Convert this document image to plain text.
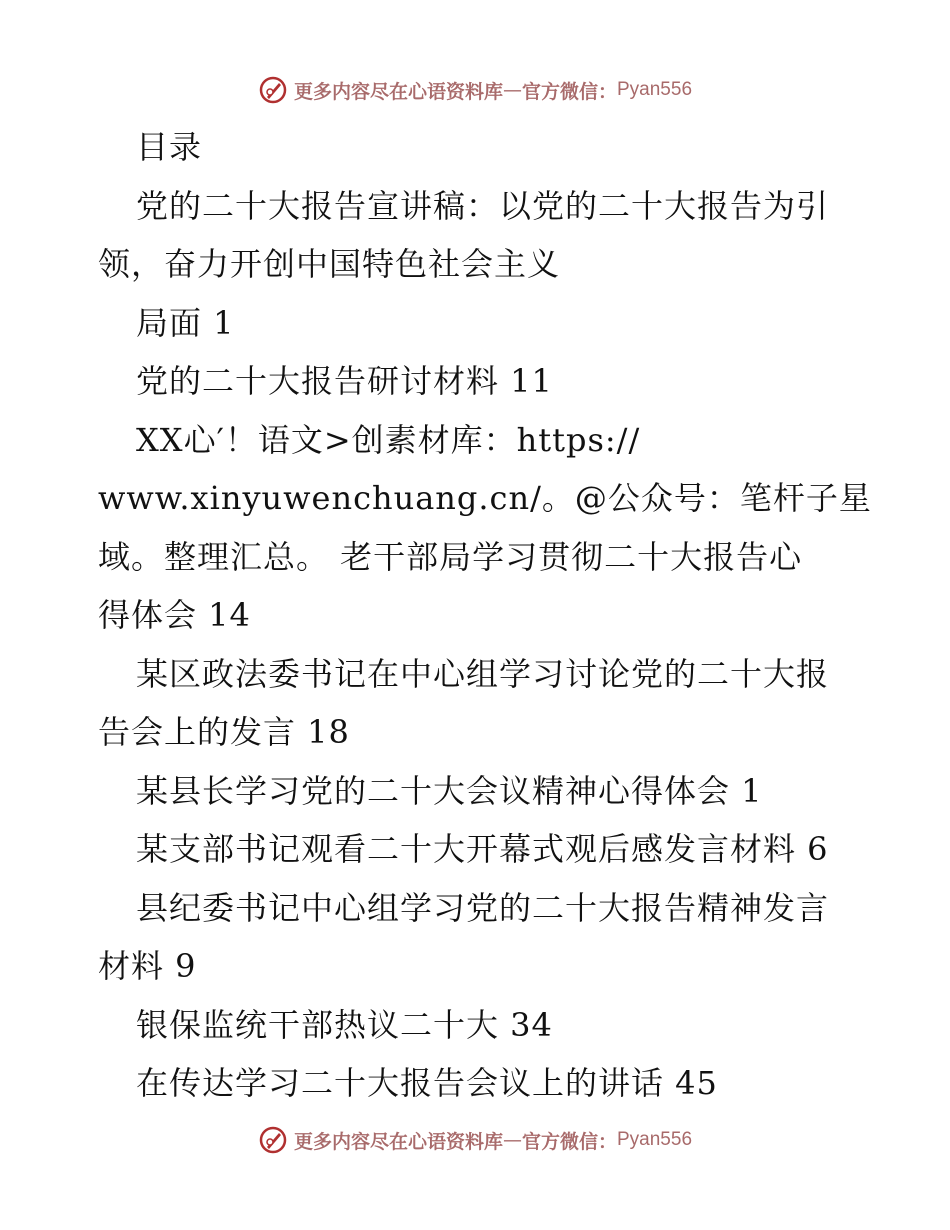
更多内容尽在心语资料库 — 官方微信： Pyan556
目录
党的二十大报告宣讲稿：以党的二十大报告为引
领，奋力开创中国特色社会主义
局面 1
党的二十大报告研讨材料 11
XX心′！语文>创素材库：https://
www.xinyuwenchuang.cn/。@公众号：笔杆子星
域。整理汇总。 老干部局学习贯彻二十大报告心
得体会 14
某区政法委书记在中心组学习讨论党的二十大报
告会上的发言 18
某县长学习党的二十大会议精神心得体会 1
某支部书记观看二十大开幕式观后感发言材料 6
县纪委书记中心组学习党的二十大报告精神发言
材料 9
银保监统干部热议二十大 34
在传达学习二十大报告会议上的讲话 45
更多内容尽在心语资料库 — 官方微信： Pyan556
